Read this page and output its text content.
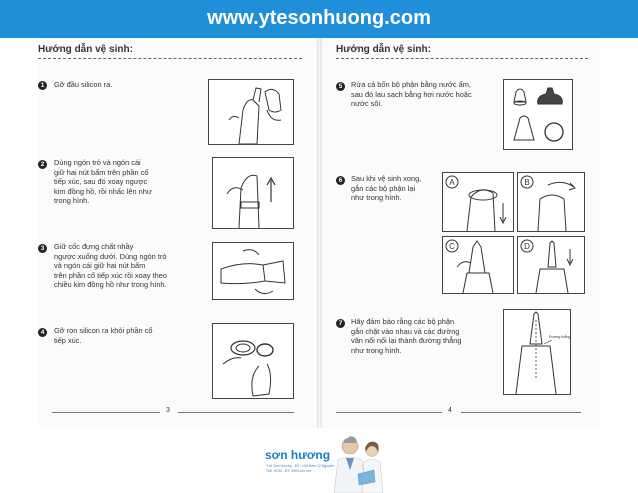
www.ytesonhuong.com
Hướng dẫn vệ sinh:
1	Gỡ đầu silicon ra.
2	Dùng ngón trỏ và ngón cái
giữ hai nút bấm trên phần cổ
tiếp xúc, sau đó xoay ngược
kim đồng hồ, rồi nhấc lên như
trong hình.
3	Giữ cốc đựng chất nhầy
ngược xuống dưới. Dùng ngón trỏ
và ngón cái giữ hai nút bấm
trên phần cổ tiếp xúc rồi xoay theo
chiều kim đồng hồ như trong hình.
4	Gỡ ron silicon ra khỏi phần cổ
tiếp xúc.
3
Hướng dẫn vệ sinh:
5	Rửa cả bốn bộ phận bằng nước ấm,
sau đó lau sạch bằng hơi nước hoặc
nước sôi.
6	Sau khi vệ sinh xong,
gắn các bộ phận lại
như trong hình.
A	B
C	D
7	Hãy đảm bảo rằng các bộ phận
gắn chặt vào nhau và các đường
vân nổi nối lại thành đường thẳng
như trong hình.
Đường thẳng
4
sơn hương
Y tế Sơn Hương - ĐC: 100 Hẻm 12 Nguyễn Trãi, HCM - ĐT: 0903.xxx.xxx
